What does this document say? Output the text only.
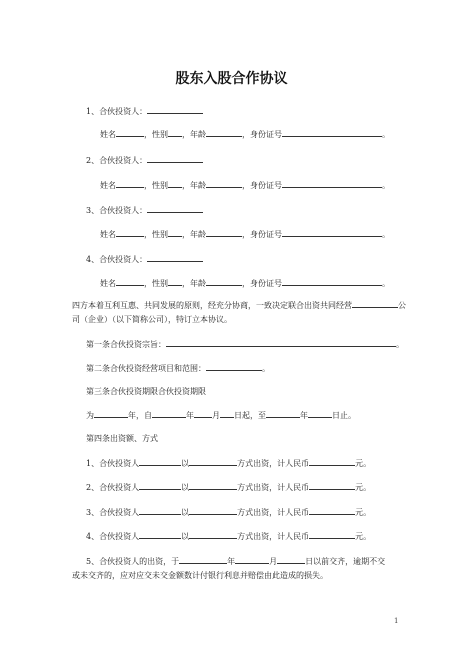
股东入股合作协议
1、合伙投资人：
姓名	，性别 ，年龄	，身份证号	。
2、合伙投资人：
姓名	，性别 ，年龄	，身份证号	。
3、合伙投资人：
姓名	，性别 ，年龄	，身份证号	。
4、合伙投资人：
姓名	，性别 ，年龄	，身份证号	。
四方本着互利互惠、共同发展的原则，经充分协商，一致决定联合出资共同经营	公
司（企业）（以下简称公司），特订立本协议。
第一条合伙投资宗旨：	。
第二条合伙投资经营项目和范围：	。
第三条合伙投资期限合伙投资期限
为	年，自	年 月 日起，至	年	日止。
第四条出资额、方式
1、合伙投资人	以	方式出资，计人民币	元。
2、合伙投资人	以	方式出资，计人民币	元。
3、合伙投资人	以	方式出资，计人民币	元。
4、合伙投资人	以	方式出资，计人民币	元。
5、合伙投资人的出资，于	年	月	日以前交齐，逾期不交
或未交齐的，应对应交未交金额数计付银行利息并赔偿由此造成的损失。
1
